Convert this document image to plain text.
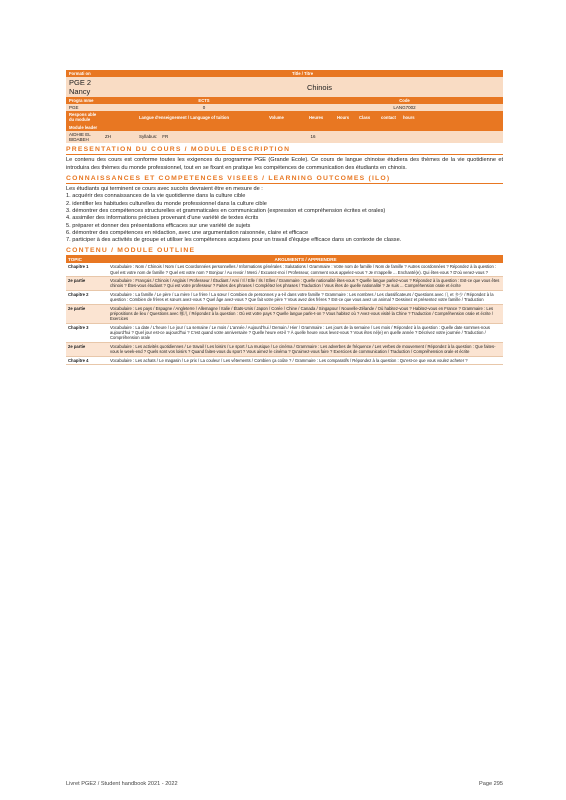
Formati on	Title / Titre								
PGE 2
Nancy		Chinois							
Progra mme	ECTS				Code				
PGE	0				LANG7002				
Respons able du module	Langue d'enseignement / Language of tuition			Volume	Heures	Hours	Class	contact	hours
Module leader									
AIDHIE EL BIDABEH	ZH	Syllabus: FR	16						
PRESENTATION DU COURS / MODULE DESCRIPTION

Le contenu des cours est conforme toutes les exigences du programme PGE (Grande Ecole). Ce cours de langue chinoise étudiera des thèmes de la vie quotidienne et introduira des thèmes du monde professionnel, tout en se fixant en pratique les compétences de communication des étudiants en chinois.

CONNAISSANCES ET COMPETENCES VISEES / LEARNING OUTCOMES (ILO)

Les étudiants qui terminent ce cours avec succès devraient être en mesure de :

1. acquérir des connaissances de la vie quotidienne dans la culture cible
2. identifier les habitudes culturelles du monde professionnel dans la culture cible
3. démontrer des compétences structurelles et grammaticales en communication (expression et compréhension écrites et orales)
4. assimiler des informations précises provenant d'une variété de textes écrits
5. préparer et donner des présentations efficaces sur une variété de sujets
6. démontrer des compétences en rédaction, avec une argumentation raisonnée, claire et efficace
7. participer à des activités de groupe et utiliser les compétences acquises pour un travail d'équipe efficace dans un contexte de classe.
CONTENU / MODULE OUTLINE
TOPIC	ARGUMENTS / APPRENDRE
Chapitre 1	Vocabulaire : Nom / Chinois / Nom / Les Coordonnées personnelles / Informations générales : Salutations / Grammaire : Votre nom de famille / Nom de famille ? Autres coordonnées ? Répondez à la question : Quel est votre nom de famille ? Quel est votre nom ? Bonjour / Au revoir / Merci / Excusez-moi / Professeur, comment vous appelez-vous ? Je m'appelle ... Enchanté(e). Qui êtes-vous ? D'où venez-vous ?
2e partie	Vocabulaire : Français / Chinois / Anglais / Professeur / Étudiant / Ami / Il / Elle / Ils / Elles / Grammaire : Quelle nationalité êtes-vous ? Quelle langue parlez-vous ? Répondez à la question : Est-ce que vous êtes chinois ? Êtes-vous étudiant ? Qui est votre professeur ? Faites des phrases / Complétez les phrases / Traduction / Vous êtes de quelle nationalité ? Je suis ... Compréhension orale et écrite
Chapitre 2	Vocabulaire : La famille / Le père / La mère / Le frère / La sœur / Combien de personnes y a-t-il dans votre famille ? Grammaire : Les nombres / Les classificateurs / Questions avec 几 et 多少 / Répondez à la question : Combien de frères et sœurs avez-vous ? Quel âge avez-vous ? Que fait votre père ? Vous avez des frères ? Est-ce que vous avez un animal ? Dessinez et présentez votre famille / Traduction
2e partie	Vocabulaire : Les pays / Espagne / Angleterre / Allemagne / Italie / États-Unis / Japon / Corée / Chine / Canada / Singapour / Nouvelle-Zélande / Où habitez-vous ? Habitez-vous en France ? Grammaire : Les prépositions de lieu / Questions avec 哪儿 / Répondez à la question : Où est votre pays ? Quelle langue parle-t-on ? Vous habitez où ? Avez-vous visité la Chine ? Traduction / Compréhension orale et écrite / Exercices
Chapitre 3	Vocabulaire : La date / L'heure / Le jour / La semaine / Le mois / L'année / Aujourd'hui / Demain / Hier / Grammaire : Les jours de la semaine / Les mois / Répondez à la question : Quelle date sommes-nous aujourd'hui ? Quel jour est-ce aujourd'hui ? C'est quand votre anniversaire ? Quelle heure est-il ? À quelle heure vous levez-vous ? Vous êtes né(e) en quelle année ? Décrivez votre journée / Traduction / Compréhension orale
2e partie	Vocabulaire : Les activités quotidiennes / Le travail / Les loisirs / Le sport / La musique / Le cinéma / Grammaire : Les adverbes de fréquence / Les verbes de mouvement / Répondez à la question : Que faites-vous le week-end ? Quels sont vos loisirs ? Quand faites-vous du sport ? Vous aimez le cinéma ? Qu'aimez-vous faire ? Exercices de communication / Traduction / Compréhension orale et écrite
Chapitre 4	Vocabulaire : Les achats / Le magasin / Le prix / La couleur / Les vêtements / Combien ça coûte ? / Grammaire : Les comparatifs / Répondez à la question : Qu'est-ce que vous voulez acheter ?
Livret PGE2 / Student handbook 2021 - 2022	Page 295
